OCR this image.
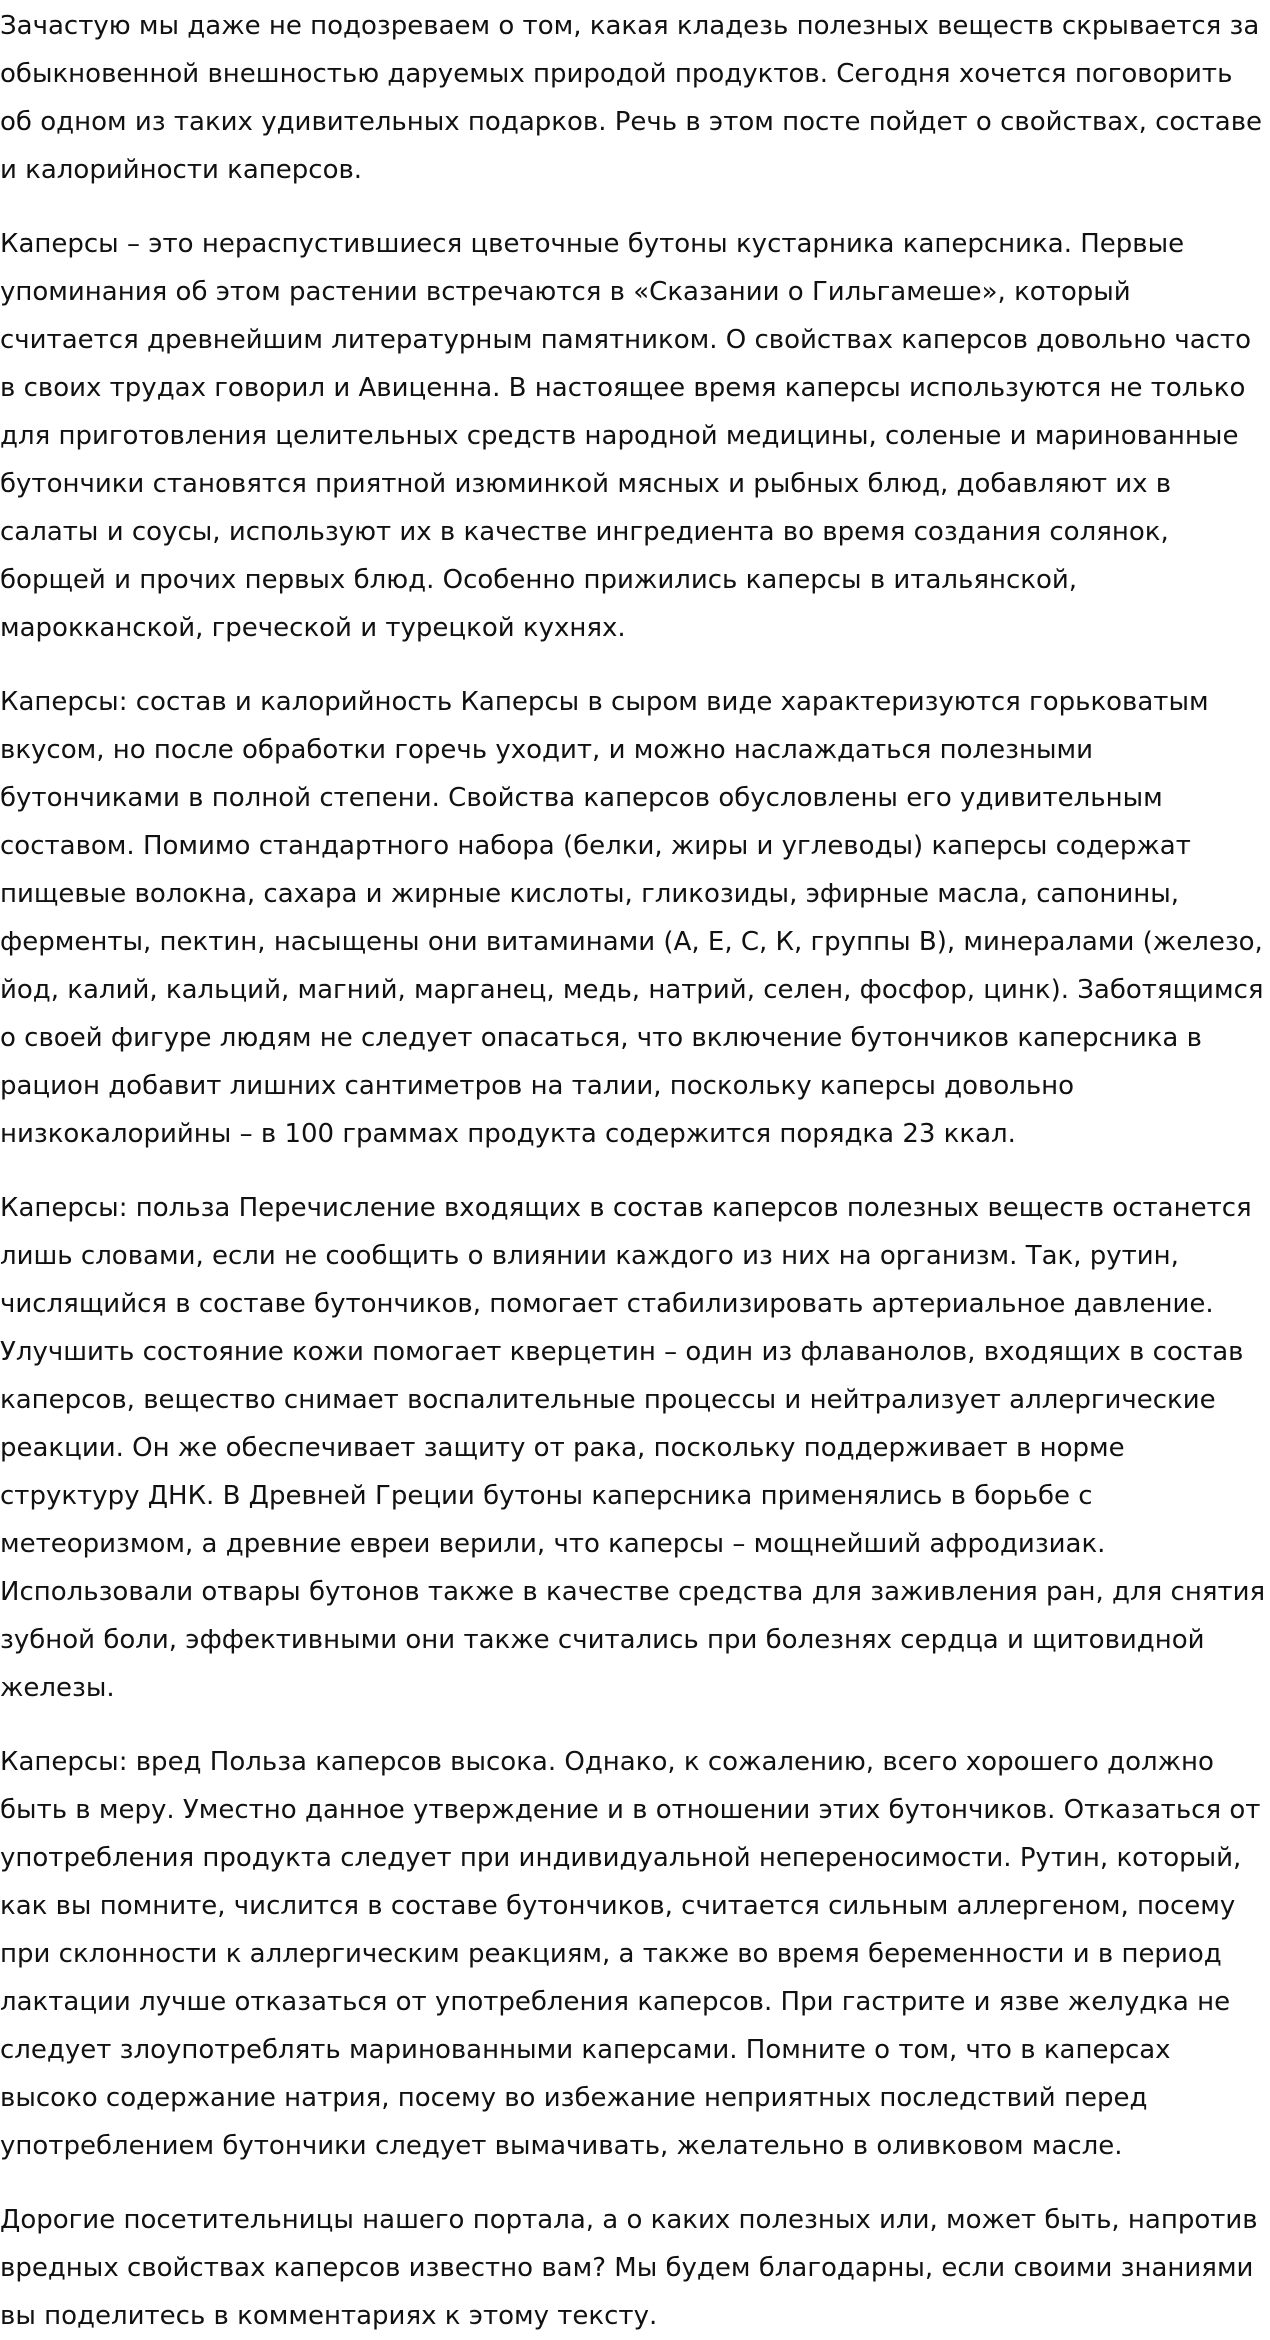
Зачастую мы даже не подозреваем о том, какая кладезь полезных веществ скрывается за обыкновенной внешностью даруемых природой продуктов. Сегодня хочется поговорить об одном из таких удивительных подарков. Речь в этом посте пойдет о свойствах, составе и калорийности каперсов.

Каперсы – это нераспустившиеся цветочные бутоны кустарника каперсника. Первые упоминания об этом растении встречаются в «Сказании о Гильгамеше», который считается древнейшим литературным памятником. О свойствах каперсов довольно часто в своих трудах говорил и Авиценна. В настоящее время каперсы используются не только для приготовления целительных средств народной медицины, соленые и маринованные бутончики становятся приятной изюминкой мясных и рыбных блюд, добавляют их в салаты и соусы, используют их в качестве ингредиента во время создания солянок, борщей и прочих первых блюд. Особенно прижились каперсы в итальянской, марокканской, греческой и турецкой кухнях.

Каперсы: состав и калорийность Каперсы в сыром виде характеризуются горьковатым вкусом, но после обработки горечь уходит, и можно наслаждаться полезными бутончиками в полной степени. Свойства каперсов обусловлены его удивительным составом. Помимо стандартного набора (белки, жиры и углеводы) каперсы содержат пищевые волокна, сахара и жирные кислоты, гликозиды, эфирные масла, сапонины, ферменты, пектин, насыщены они витаминами (А, Е, С, К, группы В), минералами (железо, йод, калий, кальций, магний, марганец, медь, натрий, селен, фосфор, цинк). Заботящимся о своей фигуре людям не следует опасаться, что включение бутончиков каперсника в рацион добавит лишних сантиметров на талии, поскольку каперсы довольно низкокалорийны – в 100 граммах продукта содержится порядка 23 ккал.

Каперсы: польза Перечисление входящих в состав каперсов полезных веществ останется лишь словами, если не сообщить о влиянии каждого из них на организм. Так, рутин, числящийся в составе бутончиков, помогает стабилизировать артериальное давление. Улучшить состояние кожи помогает кверцетин – один из флаванолов, входящих в состав каперсов, вещество снимает воспалительные процессы и нейтрализует аллергические реакции. Он же обеспечивает защиту от рака, поскольку поддерживает в норме структуру ДНК. В Древней Греции бутоны каперсника применялись в борьбе с метеоризмом, а древние евреи верили, что каперсы – мощнейший афродизиак. Использовали отвары бутонов также в качестве средства для заживления ран, для снятия зубной боли, эффективными они также считались при болезнях сердца и щитовидной железы.

Каперсы: вред Польза каперсов высока. Однако, к сожалению, всего хорошего должно быть в меру. Уместно данное утверждение и в отношении этих бутончиков. Отказаться от употребления продукта следует при индивидуальной непереносимости. Рутин, который, как вы помните, числится в составе бутончиков, считается сильным аллергеном, посему при склонности к аллергическим реакциям, а также во время беременности и в период лактации лучше отказаться от употребления каперсов. При гастрите и язве желудка не следует злоупотреблять маринованными каперсами. Помните о том, что в каперсах высоко содержание натрия, посему во избежание неприятных последствий перед употреблением бутончики следует вымачивать, желательно в оливковом масле.

Дорогие посетительницы нашего портала, а о каких полезных или, может быть, напротив вредных свойствах каперсов известно вам? Мы будем благодарны, если своими знаниями вы поделитесь в комментариях к этому тексту.
